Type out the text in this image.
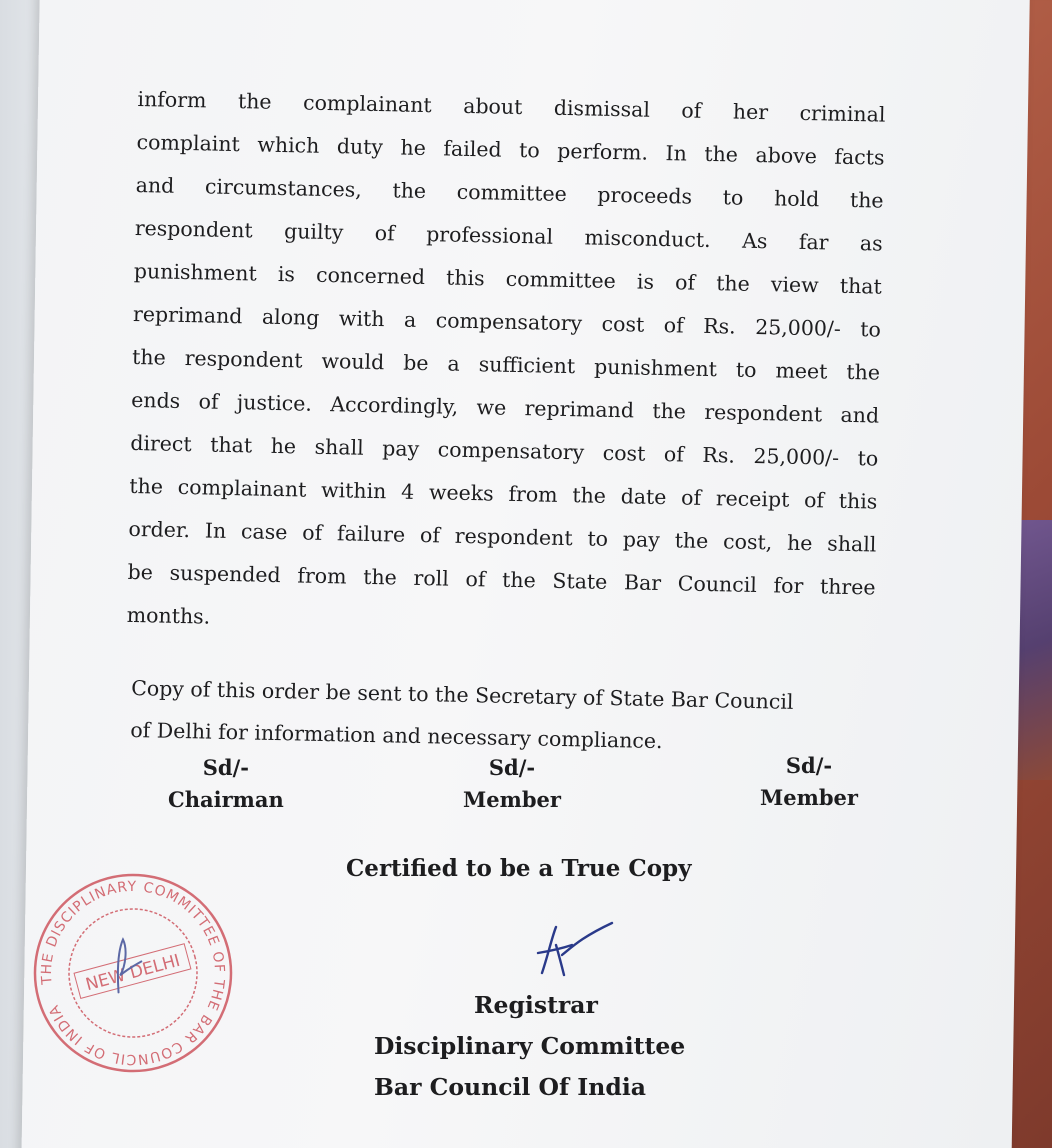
inform the complainant about dismissal of her criminal
complaint which duty he failed to perform. In the above facts
and circumstances, the committee proceeds to hold the
respondent guilty of professional misconduct. As far as
punishment is concerned this committee is of the view that
reprimand along with a compensatory cost of Rs. 25,000/- to
the respondent would be a sufficient punishment to meet the
ends of justice. Accordingly, we reprimand the respondent and
direct that he shall pay compensatory cost of Rs. 25,000/- to
the complainant within 4 weeks from the date of receipt of this
order. In case of failure of respondent to pay the cost, he shall
be suspended from the roll of the State Bar Council for three
months.

Copy of this order be sent to the Secretary of State Bar Council
of Delhi for information and necessary compliance.

Sd/-
Chairman
Sd/-
Member
Sd/-
Member
Certified to be a True Copy
Registrar
Disciplinary Committee
Bar Council Of India
THE DISCIPLINARY COMMITTEE OF THE BAR COUNCIL OF INDIA
NEW DELHI
